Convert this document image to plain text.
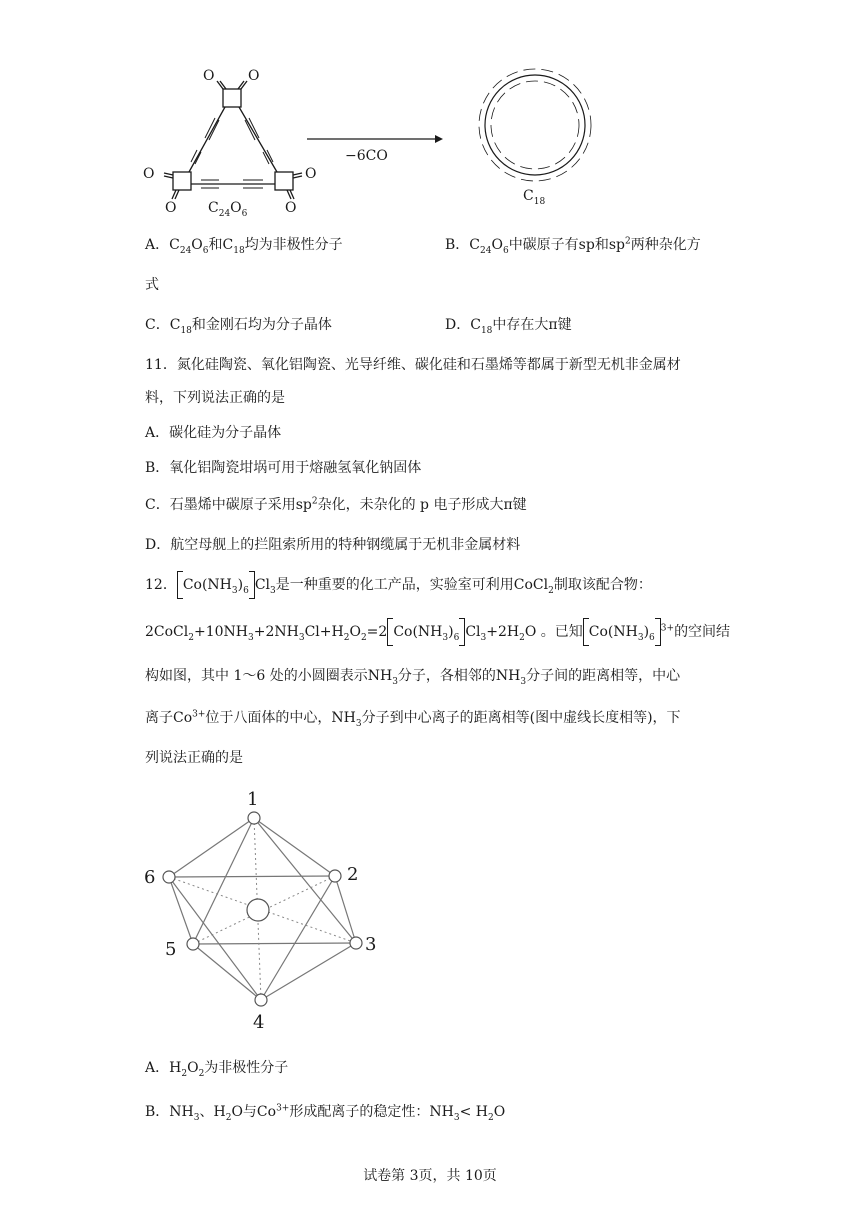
O O
O
O
O
O
$C_{24}O_6$
−6CO
$C_{18}$
A．$C_{24}O_6$和$C_{18}$均为非极性分子	B．$C_{24}O_6$中碳原子有sp和$sp^2$两种杂化方
式
C．$C_{18}$和金刚石均为分子晶体	D．$C_{18}$中存在大π键
11．氮化硅陶瓷、氧化铝陶瓷、光导纤维、碳化硅和石墨烯等都属于新型无机非金属材
料，下列说法正确的是
A．碳化硅为分子晶体
B．氧化铝陶瓷坩埚可用于熔融氢氧化钠固体
C．石墨烯中碳原子采用$sp^2$杂化，未杂化的 p 电子形成大π键
D．航空母舰上的拦阻索所用的特种钢缆属于无机非金属材料
12． $Co(NH_3)_6$ $Cl_3$是一种重要的化工产品，实验室可利用CoCl$_2$制取该配合物：
$2CoCl_2+10NH_3+2NH_3Cl+H_2O_2=2$ $Co(NH_3)_6$ $Cl_3+2H_2O$ 。已知 $Co(NH_3)_6^{3+}$的空间结
构如图，其中 1～6 处的小圆圈表示$NH_3$分子，各相邻的$NH_3$分子间的距离相等，中心
离子$Co^{3+}$位于八面体的中心，$NH_3$分子到中心离子的距离相等(图中虚线长度相等)，下
列说法正确的是
1
2
3
4
5
6
A．$H_2O_2$为非极性分子
B．$NH_3$、$H_2O$与$Co^{3+}$形成配离子的稳定性：$NH_3< H_2O$
试卷第 3页，共 10页
